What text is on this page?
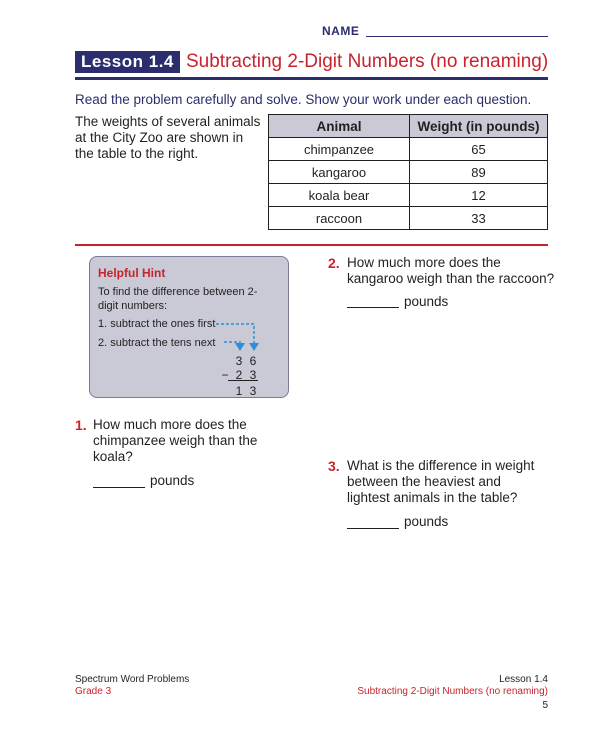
NAME
Lesson 1.4 Subtracting 2-Digit Numbers (no renaming)
Read the problem carefully and solve. Show your work under each question.
The weights of several animals at the City Zoo are shown in the table to the right.
Animal	Weight (in pounds)
chimpanzee	65
kangaroo	89
koala bear	12
raccoon	33
Helpful Hint
To find the difference between 2-digit numbers:
1. subtract the ones first
2. subtract the tens next
3 6
− 2 3
1 3
1. How much more does the chimpanzee weigh than the koala?
pounds
2. How much more does the kangaroo weigh than the raccoon?
pounds
3. What is the difference in weight between the heaviest and lightest animals in the table?
pounds
Spectrum Word Problems
Grade 3
Lesson 1.4
Subtracting 2-Digit Numbers (no renaming)
5
